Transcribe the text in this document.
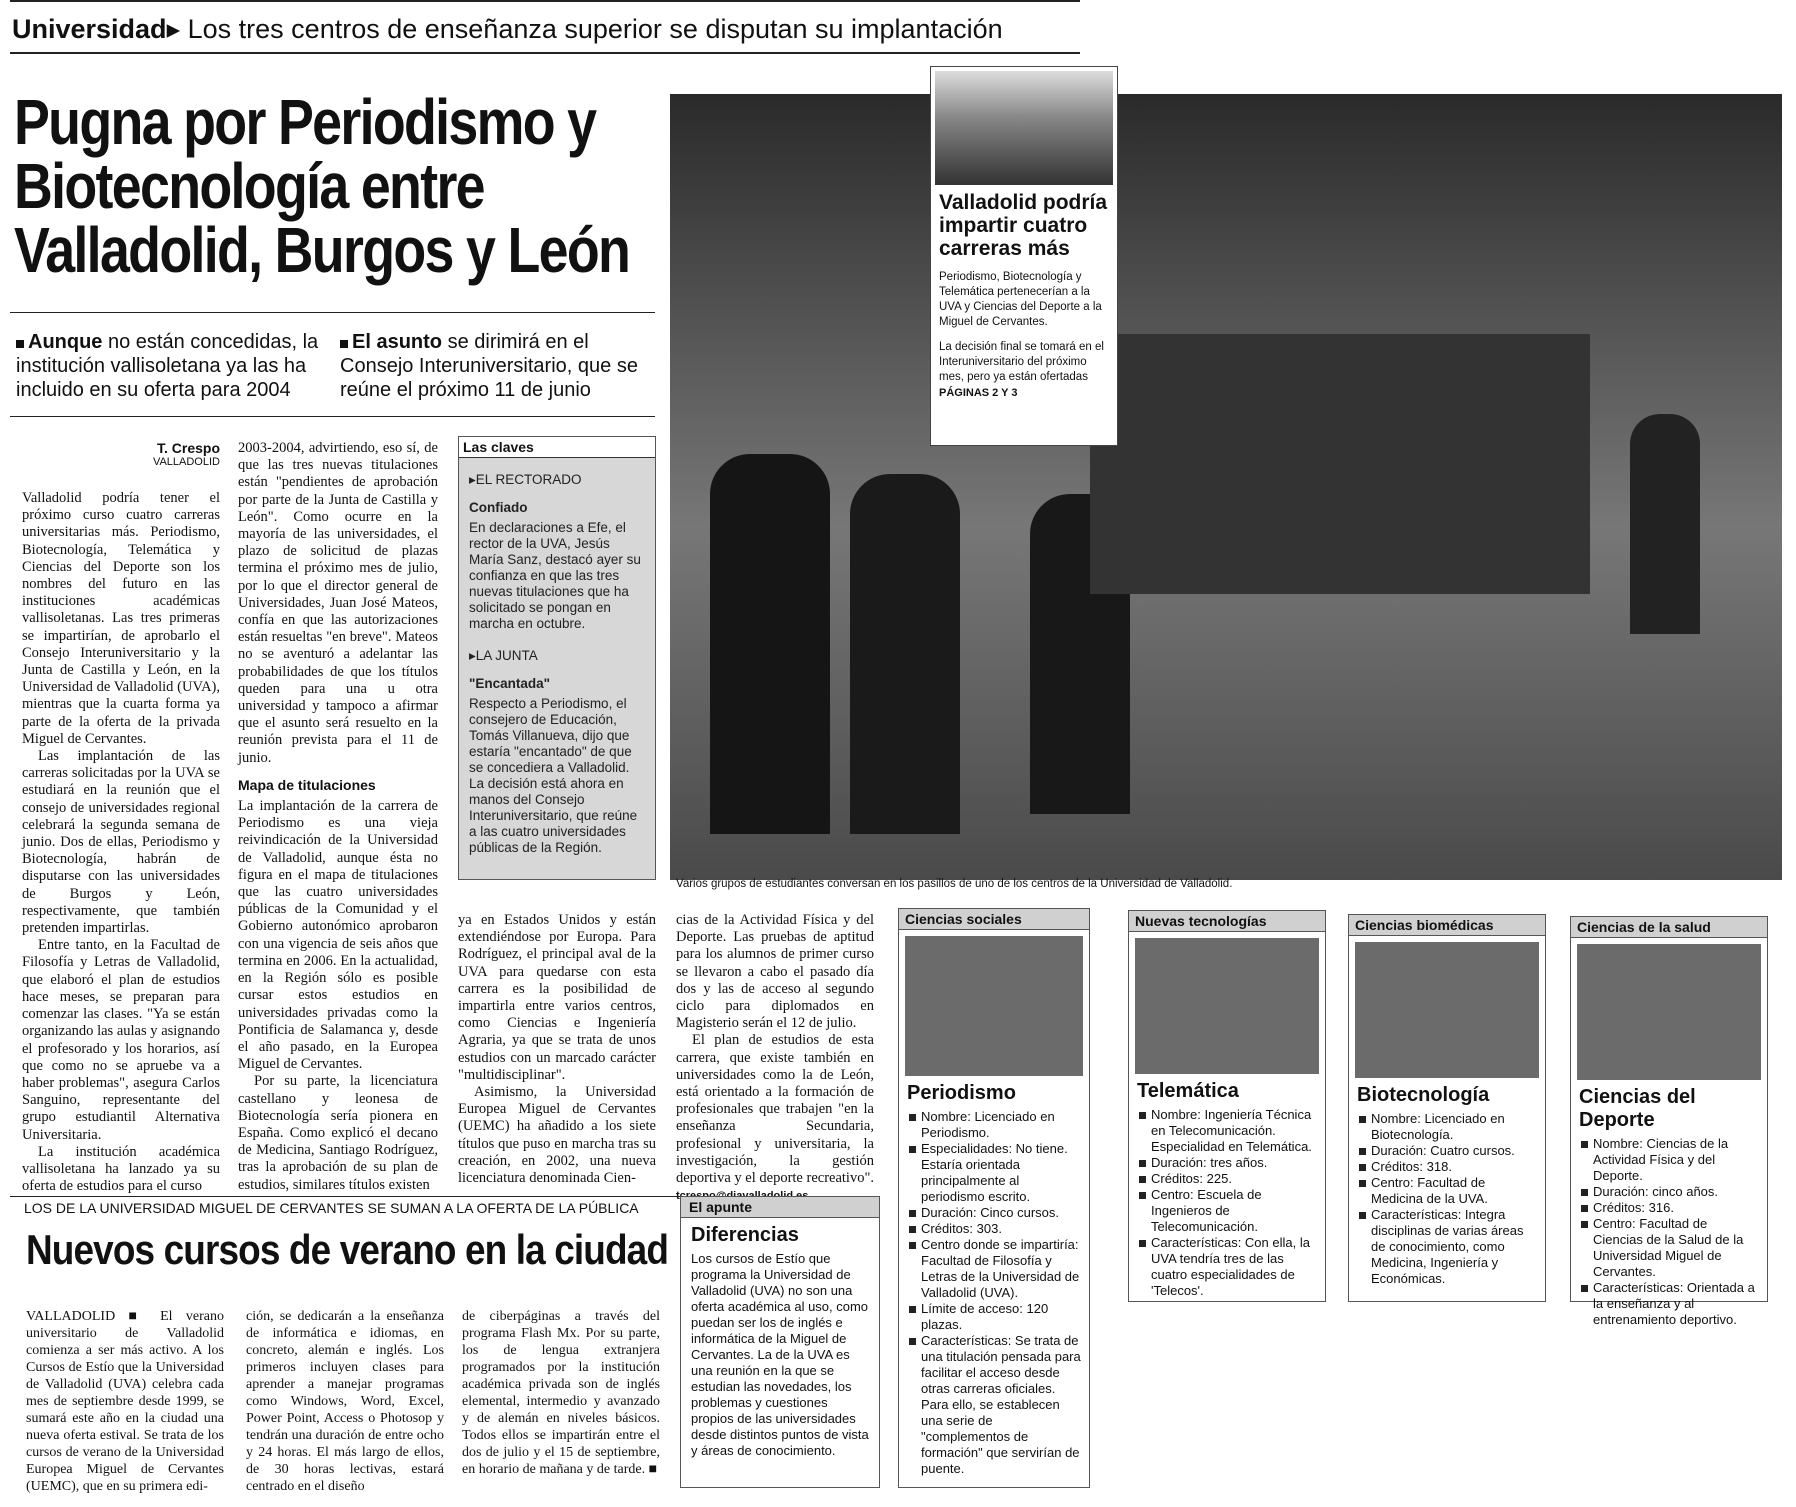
Universidad▸ Los tres centros de enseñanza superior se disputan su implantación
Pugna por Periodismo y Biotecnología entre Valladolid, Burgos y León
Aunque no están concedidas, la institución vallisoletana ya las ha incluido en su oferta para 2004
El asunto se dirimirá en el Consejo Interuniversitario, que se reúne el próximo 11 de junio
T. Crespo
VALLADOLID

Valladolid podría tener el próximo curso cuatro carreras universitarias más. Periodismo, Biotecnología, Telemática y Ciencias del Deporte son los nombres del futuro en las instituciones académicas vallisoletanas. Las tres primeras se impartirían, de aprobarlo el Consejo Interuniversitario y la Junta de Castilla y León, en la Universidad de Valladolid (UVA), mientras que la cuarta forma ya parte de la oferta de la privada Miguel de Cervantes.

Las implantación de las carreras solicitadas por la UVA se estudiará en la reunión que el consejo de universidades regional celebrará la segunda semana de junio. Dos de ellas, Periodismo y Biotecnología, habrán de disputarse con las universidades de Burgos y León, respectivamente, que también pretenden impartirlas.

Entre tanto, en la Facultad de Filosofía y Letras de Valladolid, que elaboró el plan de estudios hace meses, se preparan para comenzar las clases. "Ya se están organizando las aulas y asignando el profesorado y los horarios, así que como no se apruebe va a haber problemas", asegura Carlos Sanguino, representante del grupo estudiantil Alternativa Universitaria.

La institución académica vallisoletana ha lanzado ya su oferta de estudios para el curso

2003-2004, advirtiendo, eso sí, de que las tres nuevas titulaciones están "pendientes de aprobación por parte de la Junta de Castilla y León". Como ocurre en la mayoría de las universidades, el plazo de solicitud de plazas termina el próximo mes de julio, por lo que el director general de Universidades, Juan José Mateos, confía en que las autorizaciones están resueltas "en breve". Mateos no se aventuró a adelantar las probabilidades de que los títulos queden para una u otra universidad y tampoco a afirmar que el asunto será resuelto en la reunión prevista para el 11 de junio.

Mapa de titulaciones

La implantación de la carrera de Periodismo es una vieja reivindicación de la Universidad de Valladolid, aunque ésta no figura en el mapa de titulaciones que las cuatro universidades públicas de la Comunidad y el Gobierno autonómico aprobaron con una vigencia de seis años que termina en 2006. En la actualidad, en la Región sólo es posible cursar estos estudios en universidades privadas como la Pontificia de Salamanca y, desde el año pasado, en la Europea Miguel de Cervantes.

Por su parte, la licenciatura castellano y leonesa de Biotecnología sería pionera en España. Como explicó el decano de Medicina, Santiago Rodríguez, tras la aprobación de su plan de estudios, similares títulos existen

Las claves
▸EL RECTORADO
Confiado
En declaraciones a Efe, el rector de la UVA, Jesús María Sanz, destacó ayer su confianza en que las tres nuevas titulaciones que ha solicitado se pongan en marcha en octubre.
▸LA JUNTA
"Encantada"
Respecto a Periodismo, el consejero de Educación, Tomás Villanueva, dijo que estaría "encantado" de que se concediera a Valladolid. La decisión está ahora en manos del Consejo Interuniversitario, que reúne a las cuatro universidades públicas de la Región.

ya en Estados Unidos y están extendiéndose por Europa. Para Rodríguez, el principal aval de la UVA para quedarse con esta carrera es la posibilidad de impartirla entre varios centros, como Ciencias e Ingeniería Agraria, ya que se trata de unos estudios con un marcado carácter "multidisciplinar".

Asimismo, la Universidad Europea Miguel de Cervantes (UEMC) ha añadido a los siete títulos que puso en marcha tras su creación, en 2002, una nueva licenciatura denominada Cien-

cias de la Actividad Física y del Deporte. Las pruebas de aptitud para los alumnos de primer curso se llevaron a cabo el pasado día dos y las de acceso al segundo ciclo para diplomados en Magisterio serán el 12 de julio.

El plan de estudios de esta carrera, que existe también en universidades como la de León, está orientado a la formación de profesionales que trabajen "en la enseñanza Secundaria, profesional y universitaria, la investigación, la gestión deportiva y el deporte recreativo".

Varios grupos de estudiantes conversan en los pasillos de uno de los centros de la Universidad de Valladolid.
Valladolid podría impartir cuatro carreras más
Periodismo, Biotecnología y Telemática pertenecerían a la UVA y Ciencias del Deporte a la Miguel de Cervantes.
La decisión final se tomará en el Interuniversitario del próximo mes, pero ya están ofertadas
PÁGINAS 2 Y 3
Ciencias sociales
Periodismo
Nombre: Licenciado en Periodismo.
Especialidades: No tiene. Estaría orientada principalmente al periodismo escrito.
Duración: Cinco cursos.
Créditos: 303.
Centro donde se impartiría: Facultad de Filosofía y Letras de la Universidad de Valladolid (UVA).
Límite de acceso: 120 plazas.
Características: Se trata de una titulación pensada para facilitar el acceso desde otras carreras oficiales. Para ello, se establecen una serie de "complementos de formación" que servirían de puente.
Nuevas tecnologías
Telemática
Nombre: Ingeniería Técnica en Telecomunicación. Especialidad en Telemática.
Duración: tres años.
Créditos: 225.
Centro: Escuela de Ingenieros de Telecomunicación.
Características: Con ella, la UVA tendría tres de las cuatro especialidades de 'Telecos'.
Ciencias biomédicas
Biotecnología
Nombre: Licenciado en Biotecnología.
Duración: Cuatro cursos.
Créditos: 318.
Centro: Facultad de Medicina de la UVA.
Características: Integra disciplinas de varias áreas de conocimiento, como Medicina, Ingeniería y Económicas.
Ciencias de la salud
Ciencias del Deporte
Nombre: Ciencias de la Actividad Física y del Deporte.
Duración: cinco años.
Créditos: 316.
Centro: Facultad de Ciencias de la Salud de la Universidad Miguel de Cervantes.
Características: Orientada a la enseñanza y al entrenamiento deportivo.
LOS DE LA UNIVERSIDAD MIGUEL DE CERVANTES SE SUMAN A LA OFERTA DE LA PÚBLICA
Nuevos cursos de verano en la ciudad
VALLADOLID ■ El verano universitario de Valladolid comienza a ser más activo. A los Cursos de Estío que la Universidad de Valladolid (UVA) celebra cada mes de septiembre desde 1999, se sumará este año en la ciudad una nueva oferta estival. Se trata de los cursos de verano de la Universidad Europea Miguel de Cervantes (UEMC), que en su primera edi-
ción, se dedicarán a la enseñanza de informática e idiomas, en concreto, alemán e inglés. Los primeros incluyen clases para aprender a manejar programas como Windows, Word, Excel, Power Point, Access o Photosop y tendrán una duración de entre ocho y 24 horas. El más largo de ellos, de 30 horas lectivas, estará centrado en el diseño
de ciberpáginas a través del programa Flash Mx. Por su parte, los de lengua extranjera programados por la institución académica privada son de inglés elemental, intermedio y avanzado y de alemán en niveles básicos. Todos ellos se impartirán entre el dos de julio y el 15 de septiembre, en horario de mañana y de tarde. ■
El apunte
Diferencias
Los cursos de Estío que programa la Universidad de Valladolid (UVA) no son una oferta académica al uso, como puedan ser los de inglés e informática de la Miguel de Cervantes. La de la UVA es una reunión en la que se estudian las novedades, los problemas y cuestiones propios de las universidades desde distintos puntos de vista y áreas de conocimiento.
